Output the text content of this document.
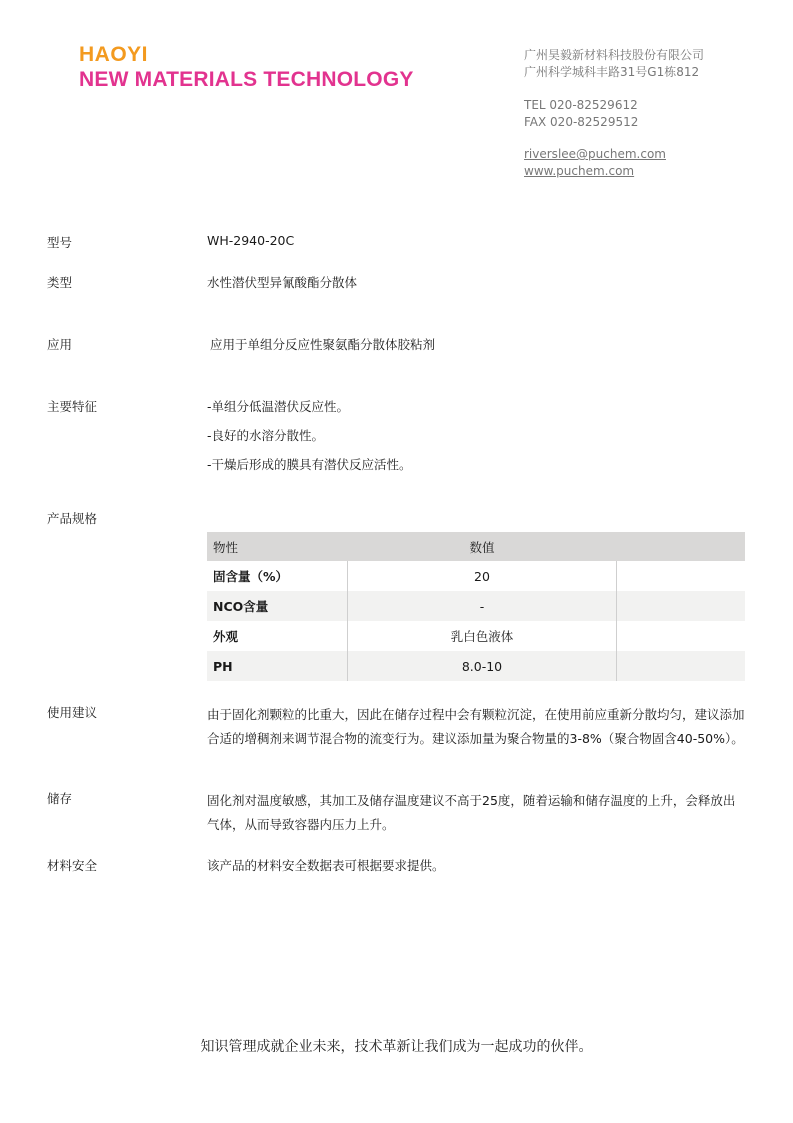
HAOYI
NEW MATERIALS TECHNOLOGY
广州昊毅新材料科技股份有限公司
广州科学城科丰路31号G1栋812
TEL 020-82529612
FAX 020-82529512
riverslee@puchem.com
www.puchem.com
型号	WH-2940-20C
类型	水性潜伏型异氰酸酯分散体
应用	应用于单组分反应性聚氨酯分散体胶粘剂
主要特征	-单组分低温潜伏反应性。
-良好的水溶分散性。
-干燥后形成的膜具有潜伏反应活性。
产品规格
物性	数值	
固含量（%）	20	
NCO含量	-	
外观	乳白色液体	
PH	8.0-10	
使用建议	由于固化剂颗粒的比重大，因此在储存过程中会有颗粒沉淀，在使用前应重新分散均匀，建议添加合适的增稠剂来调节混合物的流变行为。建议添加量为聚合物量的3-8%（聚合物固含40-50%）。
储存	固化剂对温度敏感，其加工及储存温度建议不高于25度，随着运输和储存温度的上升，会释放出气体，从而导致容器内压力上升。
材料安全	该产品的材料安全数据表可根据要求提供。
知识管理成就企业未来，技术革新让我们成为一起成功的伙伴。
